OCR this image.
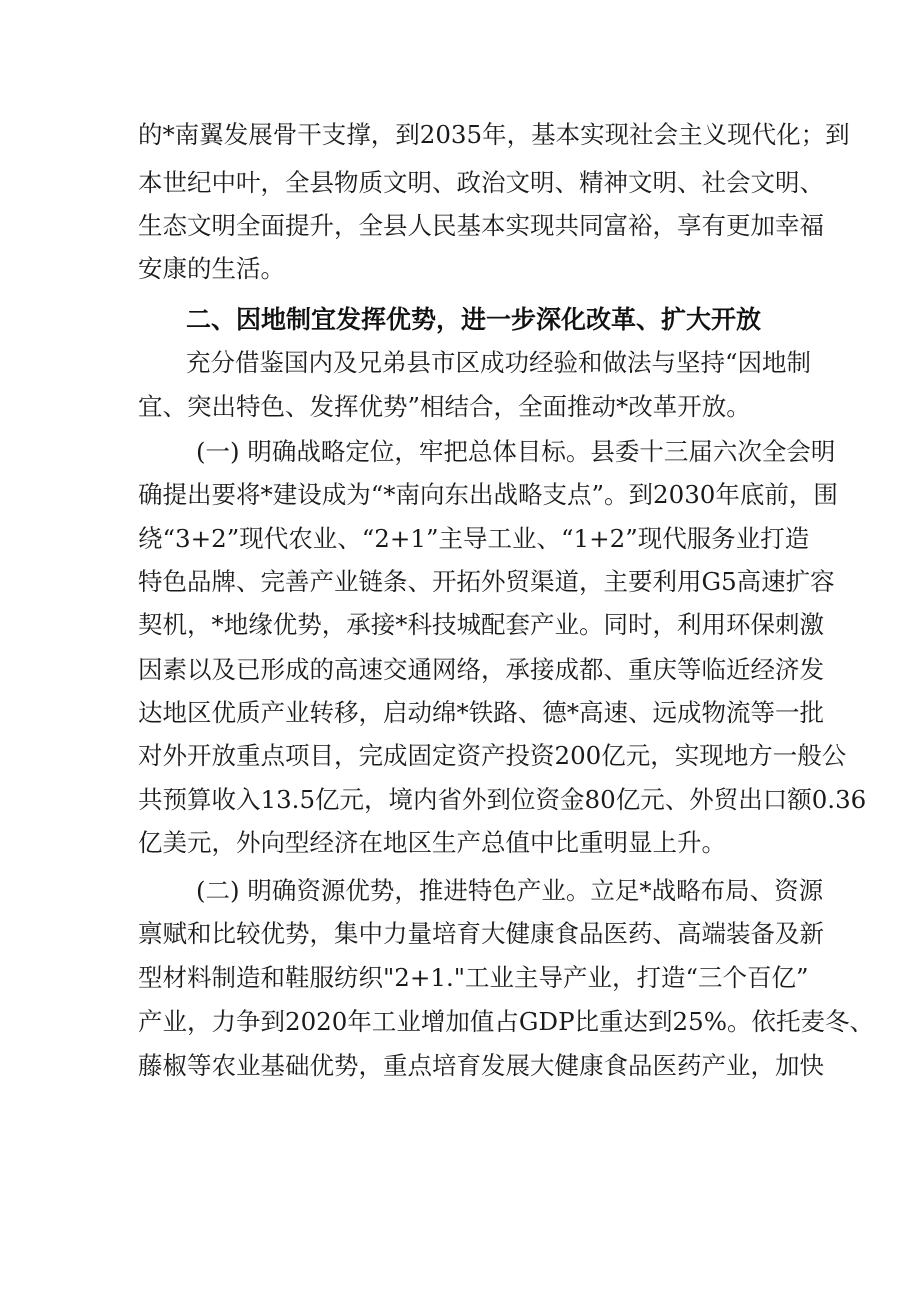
的*南翼发展骨干支撑，到2035年，基本实现社会主义现代化；到
本世纪中叶，全县物质文明、政治文明、精神文明、社会文明、
生态文明全面提升，全县人民基本实现共同富裕，享有更加幸福
安康的生活。
二、因地制宜发挥优势，进一步深化改革、扩大开放
充分借鉴国内及兄弟县市区成功经验和做法与坚持“因地制
宜、突出特色、发挥优势”相结合，全面推动*改革开放。
(一) 明确战略定位，牢把总体目标。县委十三届六次全会明
确提出要将*建设成为“*南向东出战略支点”。到2030年底前，围
绕“3+2”现代农业、“2+1”主导工业、“1+2”现代服务业打造
特色品牌、完善产业链条、开拓外贸渠道，主要利用G5高速扩容
契机，*地缘优势，承接*科技城配套产业。同时，利用环保刺激
因素以及已形成的高速交通网络，承接成都、重庆等临近经济发
达地区优质产业转移，启动绵*铁路、德*高速、远成物流等一批
对外开放重点项目，完成固定资产投资200亿元，实现地方一般公
共预算收入13.5亿元，境内省外到位资金80亿元、外贸出口额0.36
亿美元，外向型经济在地区生产总值中比重明显上升。
(二) 明确资源优势，推进特色产业。立足*战略布局、资源
禀赋和比较优势，集中力量培育大健康食品医药、高端装备及新
型材料制造和鞋服纺织"2+1."工业主导产业，打造“三个百亿”
产业，力争到2020年工业增加值占GDP比重达到25%。依托麦冬、
藤椒等农业基础优势，重点培育发展大健康食品医药产业，加快
